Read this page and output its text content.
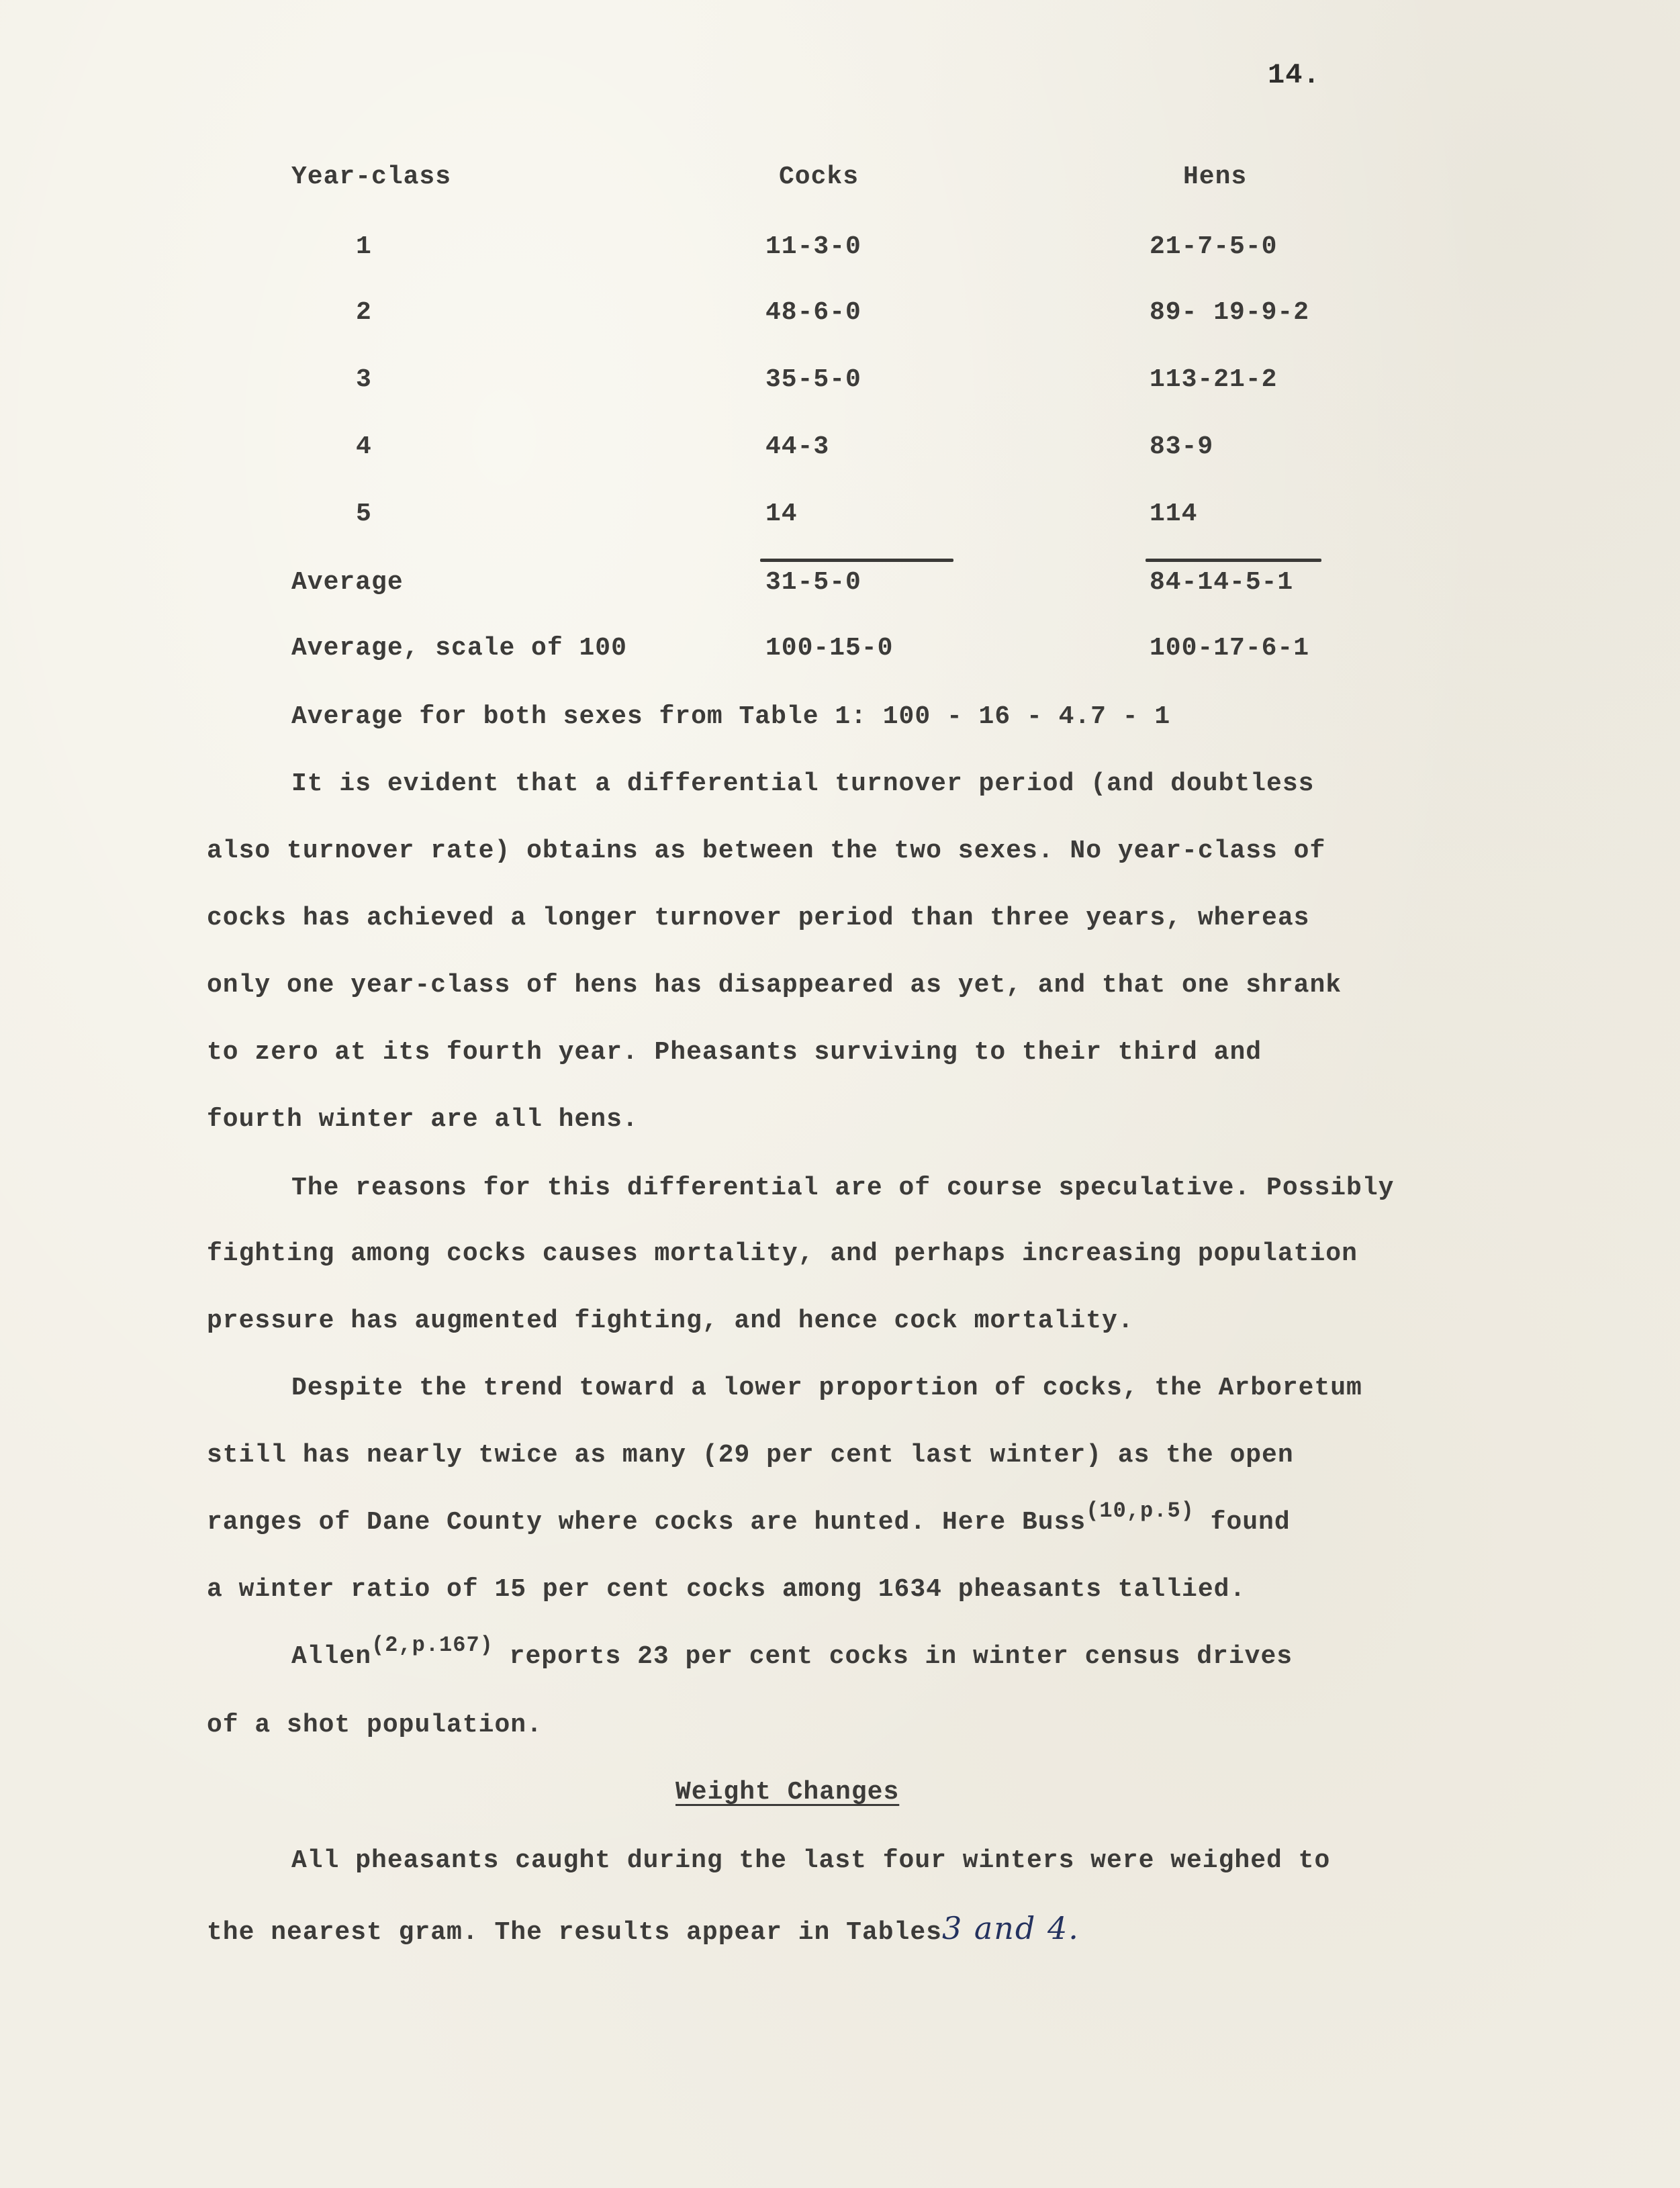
14.
Year-class	Cocks	Hens
1	11-3-0	21-7-5-0
2	48-6-0	89- 19-9-2
3	35-5-0	113-21-2
4	44-3	83-9
5	14	114
Average	31-5-0	84-14-5-1
Average, scale of 100	100-15-0	100-17-6-1
Average for both sexes from Table 1: 100 - 16 - 4.7 - 1
It is evident that a differential turnover period (and doubtless
also turnover rate) obtains as between the two sexes. No year-class of
cocks has achieved a longer turnover period than three years, whereas
only one year-class of hens has disappeared as yet, and that one shrank
to zero at its fourth year. Pheasants surviving to their third and
fourth winter are all hens.
The reasons for this differential are of course speculative. Possibly
fighting among cocks causes mortality, and perhaps increasing population
pressure has augmented fighting, and hence cock mortality.
Despite the trend toward a lower proportion of cocks, the Arboretum
still has nearly twice as many (29 per cent last winter) as the open
ranges of Dane County where cocks are hunted. Here Buss$^{(10,p.5)}$ found
a winter ratio of 15 per cent cocks among 1634 pheasants tallied.
Allen$^{(2,p.167)}$ reports 23 per cent cocks in winter census drives
of a shot population.
Weight Changes
All pheasants caught during the last four winters were weighed to
the nearest gram. The results appear in Tables3 and 4.
